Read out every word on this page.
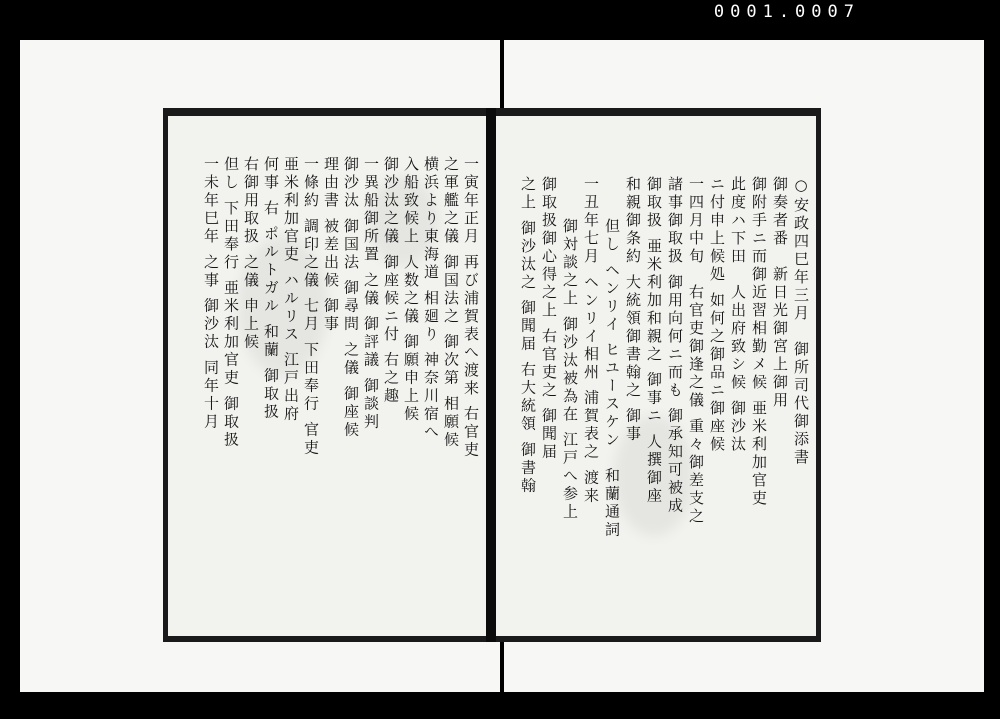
0001.0007
一寅年正月 再び浦賀表へ渡来 右官吏
之軍艦之儀 御国法之 御次第 相願候
横浜より東海道 相廻り 神奈川宿へ
入船致候上 人数之儀 御願申上候
御沙汰之儀 御座候ニ付 右之趣
一異船御所置 之儀 御評議 御談判
御沙汰 御国法 御尋問 之儀 御座候
理由書 被差出候 御事
一條約 調印之儀 七月 下田奉行 官吏
亜米利加官吏 ハルリス 江戸出府
何事 右 ポルトガル 和蘭 御取扱
右御用取扱 之儀 申上候
但し 下田奉行 亜米利加官吏 御取扱
一未年巳年 之事 御沙汰 同年十月	○安政四巳年三月　御所司代御添書
御奏者番　新日光御宮上御用
御附手ニ而御近習相勤メ候 亜米利加官吏
此度ハ下田　人出府致シ候 御沙汰
ニ付申上候処 如何之御品ニ御座候
一四月中旬　右官吏御逢之儀 重々御差支之
諸事御取扱 御用向何ニ而も 御承知可被成
御取扱 亜米利加和親之 御事ニ 人撰御座
和親御条約 大統領御書翰之 御事
　但し ヘンリイ ヒユースケン　和蘭通詞
一丑年七月 ヘンリイ相州 浦賀表之 渡来
　御対談之上 御沙汰被為在 江戸へ参上
御取扱御心得之上 右官吏之 御聞届
之上 御沙汰之 御聞届 右大統領 御書翰
